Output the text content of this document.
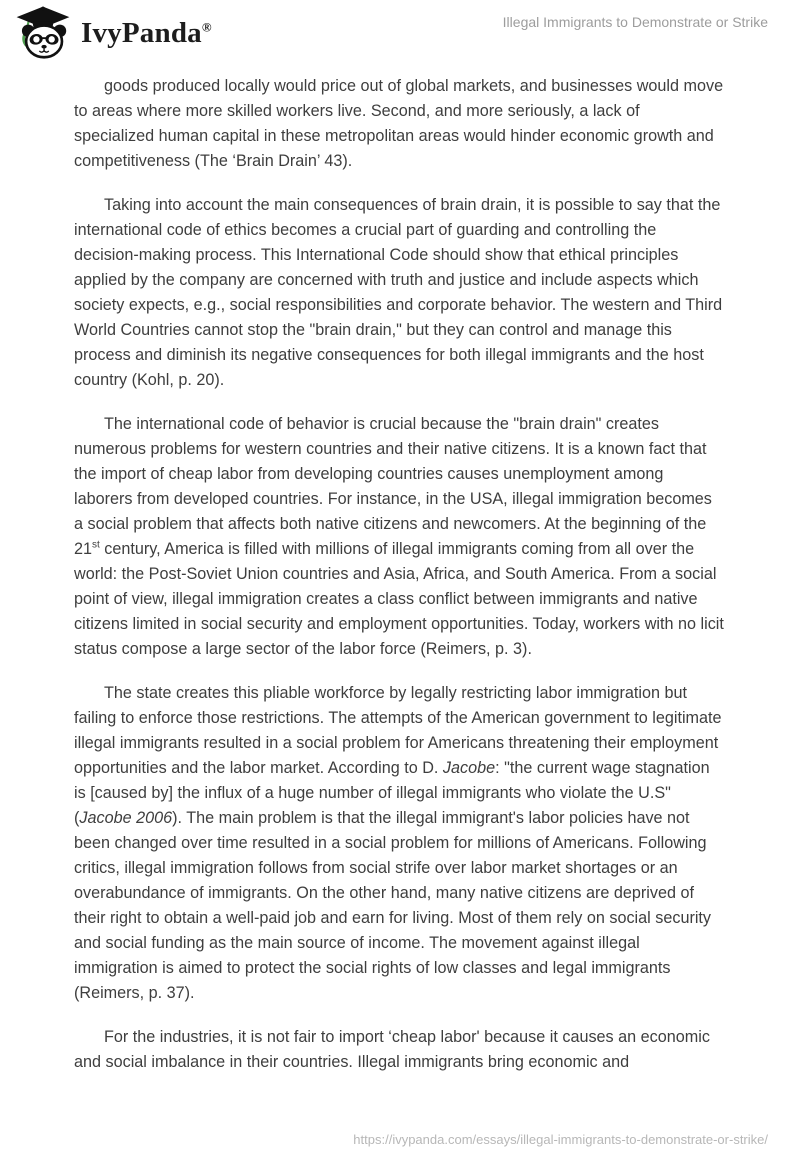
IvyPanda®	Illegal Immigrants to Demonstrate or Strike

goods produced locally would price out of global markets, and businesses would move to areas where more skilled workers live. Second, and more seriously, a lack of specialized human capital in these metropolitan areas would hinder economic growth and competitiveness (The ‘Brain Drain’ 43).

Taking into account the main consequences of brain drain, it is possible to say that the international code of ethics becomes a crucial part of guarding and controlling the decision-making process. This International Code should show that ethical principles applied by the company are concerned with truth and justice and include aspects which society expects, e.g., social responsibilities and corporate behavior. The western and Third World Countries cannot stop the "brain drain," but they can control and manage this process and diminish its negative consequences for both illegal immigrants and the host country (Kohl, p. 20).

The international code of behavior is crucial because the "brain drain" creates numerous problems for western countries and their native citizens. It is a known fact that the import of cheap labor from developing countries causes unemployment among laborers from developed countries. For instance, in the USA, illegal immigration becomes a social problem that affects both native citizens and newcomers. At the beginning of the 21st century, America is filled with millions of illegal immigrants coming from all over the world: the Post-Soviet Union countries and Asia, Africa, and South America. From a social point of view, illegal immigration creates a class conflict between immigrants and native citizens limited in social security and employment opportunities. Today, workers with no licit status compose a large sector of the labor force (Reimers, p. 3).

The state creates this pliable workforce by legally restricting labor immigration but failing to enforce those restrictions. The attempts of the American government to legitimate illegal immigrants resulted in a social problem for Americans threatening their employment opportunities and the labor market. According to D. Jacobe: "the current wage stagnation is [caused by] the influx of a huge number of illegal immigrants who violate the U.S" (Jacobe 2006). The main problem is that the illegal immigrant's labor policies have not been changed over time resulted in a social problem for millions of Americans. Following critics, illegal immigration follows from social strife over labor market shortages or an overabundance of immigrants. On the other hand, many native citizens are deprived of their right to obtain a well-paid job and earn for living. Most of them rely on social security and social funding as the main source of income. The movement against illegal immigration is aimed to protect the social rights of low classes and legal immigrants (Reimers, p. 37).

For the industries, it is not fair to import ‘cheap labor' because it causes an economic and social imbalance in their countries. Illegal immigrants bring economic and

https://ivypanda.com/essays/illegal-immigrants-to-demonstrate-or-strike/
